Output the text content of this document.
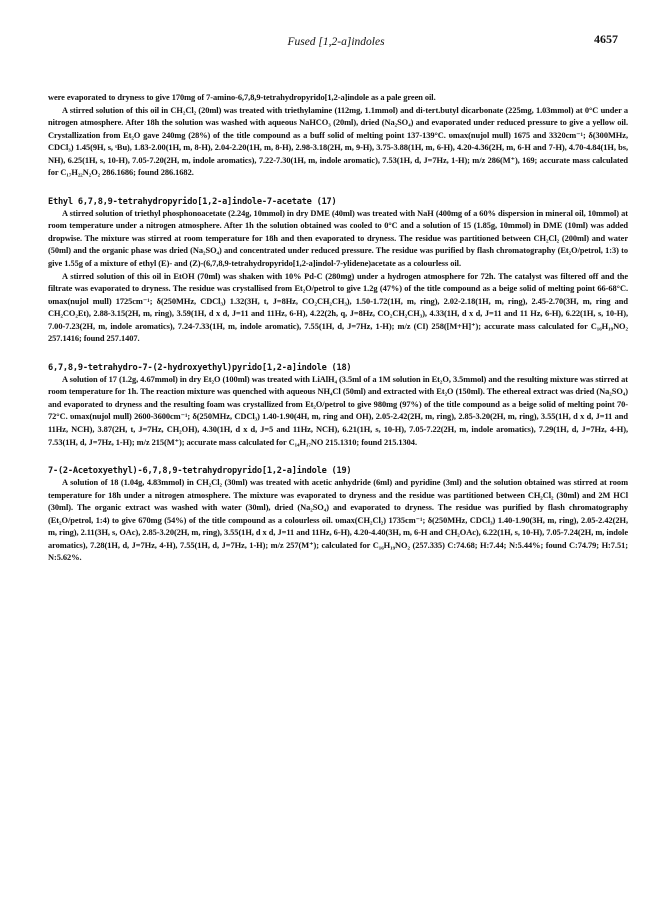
Fused [1,2-a]indoles	4657

were evaporated to dryness to give 170mg of 7-amino-6,7,8,9-tetrahydropyrido[1,2-a]indole as a pale green oil.

A stirred solution of this oil in CH₂Cl₂ (20ml) was treated with triethylamine (112mg, 1.1mmol) and di-tert.butyl dicarbonate (225mg, 1.03mmol) at 0°C under a nitrogen atmosphere. After 18h the solution was washed with aqueous NaHCO₃ (20ml), dried (Na₂SO₄) and evaporated under reduced pressure to give a yellow oil. Crystallization from Et₂O gave 240mg (28%) of the title compound as a buff solid of melting point 137-139°C. υmax(nujol mull) 1675 and 3320cm⁻¹; δ(300MHz, CDCl₃) 1.45(9H, s, ᵗBu), 1.83-2.00(1H, m, 8-H), 2.04-2.20(1H, m, 8-H), 2.98-3.18(2H, m, 9-H), 3.75-3.88(1H, m, 6-H), 4.20-4.36(2H, m, 6-H and 7-H), 4.70-4.84(1H, bs, NH), 6.25(1H, s, 10-H), 7.05-7.20(2H, m, indole aromatics), 7.22-7.30(1H, m, indole aromatic), 7.53(1H, d, J=7Hz, 1-H); m/z 286(M⁺), 169; accurate mass calculated for C₁₇H₂₂N₂O₂ 286.1686; found 286.1682.

Ethyl 6,7,8,9-tetrahydropyrido[1,2-a]indole-7-acetate (17)

A stirred solution of triethyl phosphonoacetate (2.24g, 10mmol) in dry DME (40ml) was treated with NaH (400mg of a 60% dispersion in mineral oil, 10mmol) at room temperature under a nitrogen atmosphere. After 1h the solution obtained was cooled to 0°C and a solution of 15 (1.85g, 10mmol) in DME (10ml) was added dropwise. The mixture was stirred at room temperature for 18h and then evaporated to dryness. The residue was partitioned between CH₂Cl₂ (200ml) and water (50ml) and the organic phase was dried (Na₂SO₄) and concentrated under reduced pressure. The residue was purified by flash chromatography (Et₂O/petrol, 1:3) to give 1.55g of a mixture of ethyl (E)- and (Z)-(6,7,8,9-tetrahydropyrido[1,2-a]indol-7-ylidene)acetate as a colourless oil.

A stirred solution of this oil in EtOH (70ml) was shaken with 10% Pd-C (280mg) under a hydrogen atmosphere for 72h. The catalyst was filtered off and the filtrate was evaporated to dryness. The residue was crystallised from Et₂O/petrol to give 1.2g (47%) of the title compound as a beige solid of melting point 66-68°C. υmax(nujol mull) 1725cm⁻¹; δ(250MHz, CDCl₃) 1.32(3H, t, J=8Hz, CO₂CH₂CH₃), 1.50-1.72(1H, m, ring), 2.02-2.18(1H, m, ring), 2.45-2.70(3H, m, ring and CH₂CO₂Et), 2.88-3.15(2H, m, ring), 3.59(1H, d x d, J=11 and 11Hz, 6-H), 4.22(2h, q, J=8Hz, CO₂CH₂CH₃), 4.33(1H, d x d, J=11 and 11 Hz, 6-H), 6.22(1H, s, 10-H), 7.00-7.23(2H, m, indole aromatics), 7.24-7.33(1H, m, indole aromatic), 7.55(1H, d, J=7Hz, 1-H); m/z (CI) 258([M+H]⁺); accurate mass calculated for C₁₆H₁₉NO₂ 257.1416; found 257.1407.

6,7,8,9-tetrahydro-7-(2-hydroxyethyl)pyrido[1,2-a]indole (18)

A solution of 17 (1.2g, 4.67mmol) in dry Et₂O (100ml) was treated with LiAlH₄ (3.5ml of a 1M solution in Et₂O, 3.5mmol) and the resulting mixture was stirred at room temperature for 1h. The reaction mixture was quenched with aqueous NH₄Cl (50ml) and extracted with Et₂O (150ml). The ethereal extract was dried (Na₂SO₄) and evaporated to dryness and the resulting foam was crystallized from Et₂O/petrol to give 980mg (97%) of the title compound as a beige solid of melting point 70-72°C. υmax(nujol mull) 2600-3600cm⁻¹; δ(250MHz, CDCl₃) 1.40-1.90(4H, m, ring and OH), 2.05-2.42(2H, m, ring), 2.85-3.20(2H, m, ring), 3.55(1H, d x d, J=11 and 11Hz, NCH), 3.87(2H, t, J=7Hz, CH₂OH), 4.30(1H, d x d, J=5 and 11Hz, NCH), 6.21(1H, s, 10-H), 7.05-7.22(2H, m, indole aromatics), 7.29(1H, d, J=7Hz, 4-H), 7.53(1H, d, J=7Hz, 1-H); m/z 215(M⁺); accurate mass calculated for C₁₄H₁₇NO 215.1310; found 215.1304.

7-(2-Acetoxyethyl)-6,7,8,9-tetrahydropyrido[1,2-a]indole (19)

A solution of 18 (1.04g, 4.83mmol) in CH₂Cl₂ (30ml) was treated with acetic anhydride (6ml) and pyridine (3ml) and the solution obtained was stirred at room temperature for 18h under a nitrogen atmosphere. The mixture was evaporated to dryness and the residue was partitioned between CH₂Cl₂ (30ml) and 2M HCl (30ml). The organic extract was washed with water (30ml), dried (Na₂SO₄) and evaporated to dryness. The residue was purified by flash chromatography (Et₂O/petrol, 1:4) to give 670mg (54%) of the title compound as a colourless oil. υmax(CH₂Cl₂) 1735cm⁻¹; δ(250MHz, CDCl₃) 1.40-1.90(3H, m, ring), 2.05-2.42(2H, m, ring), 2.11(3H, s, OAc), 2.85-3.20(2H, m, ring), 3.55(1H, d x d, J=11 and 11Hz, 6-H), 4.20-4.40(3H, m, 6-H and CH₂OAc), 6.22(1H, s, 10-H), 7.05-7.24(2H, m, indole aromatics), 7.28(1H, d, J=7Hz, 4-H), 7.55(1H, d, J=7Hz, 1-H); m/z 257(M⁺); calculated for C₁₆H₁₉NO₂ (257.335) C:74.68; H:7.44; N:5.44%; found C:74.79; H:7.51; N:5.62%.
